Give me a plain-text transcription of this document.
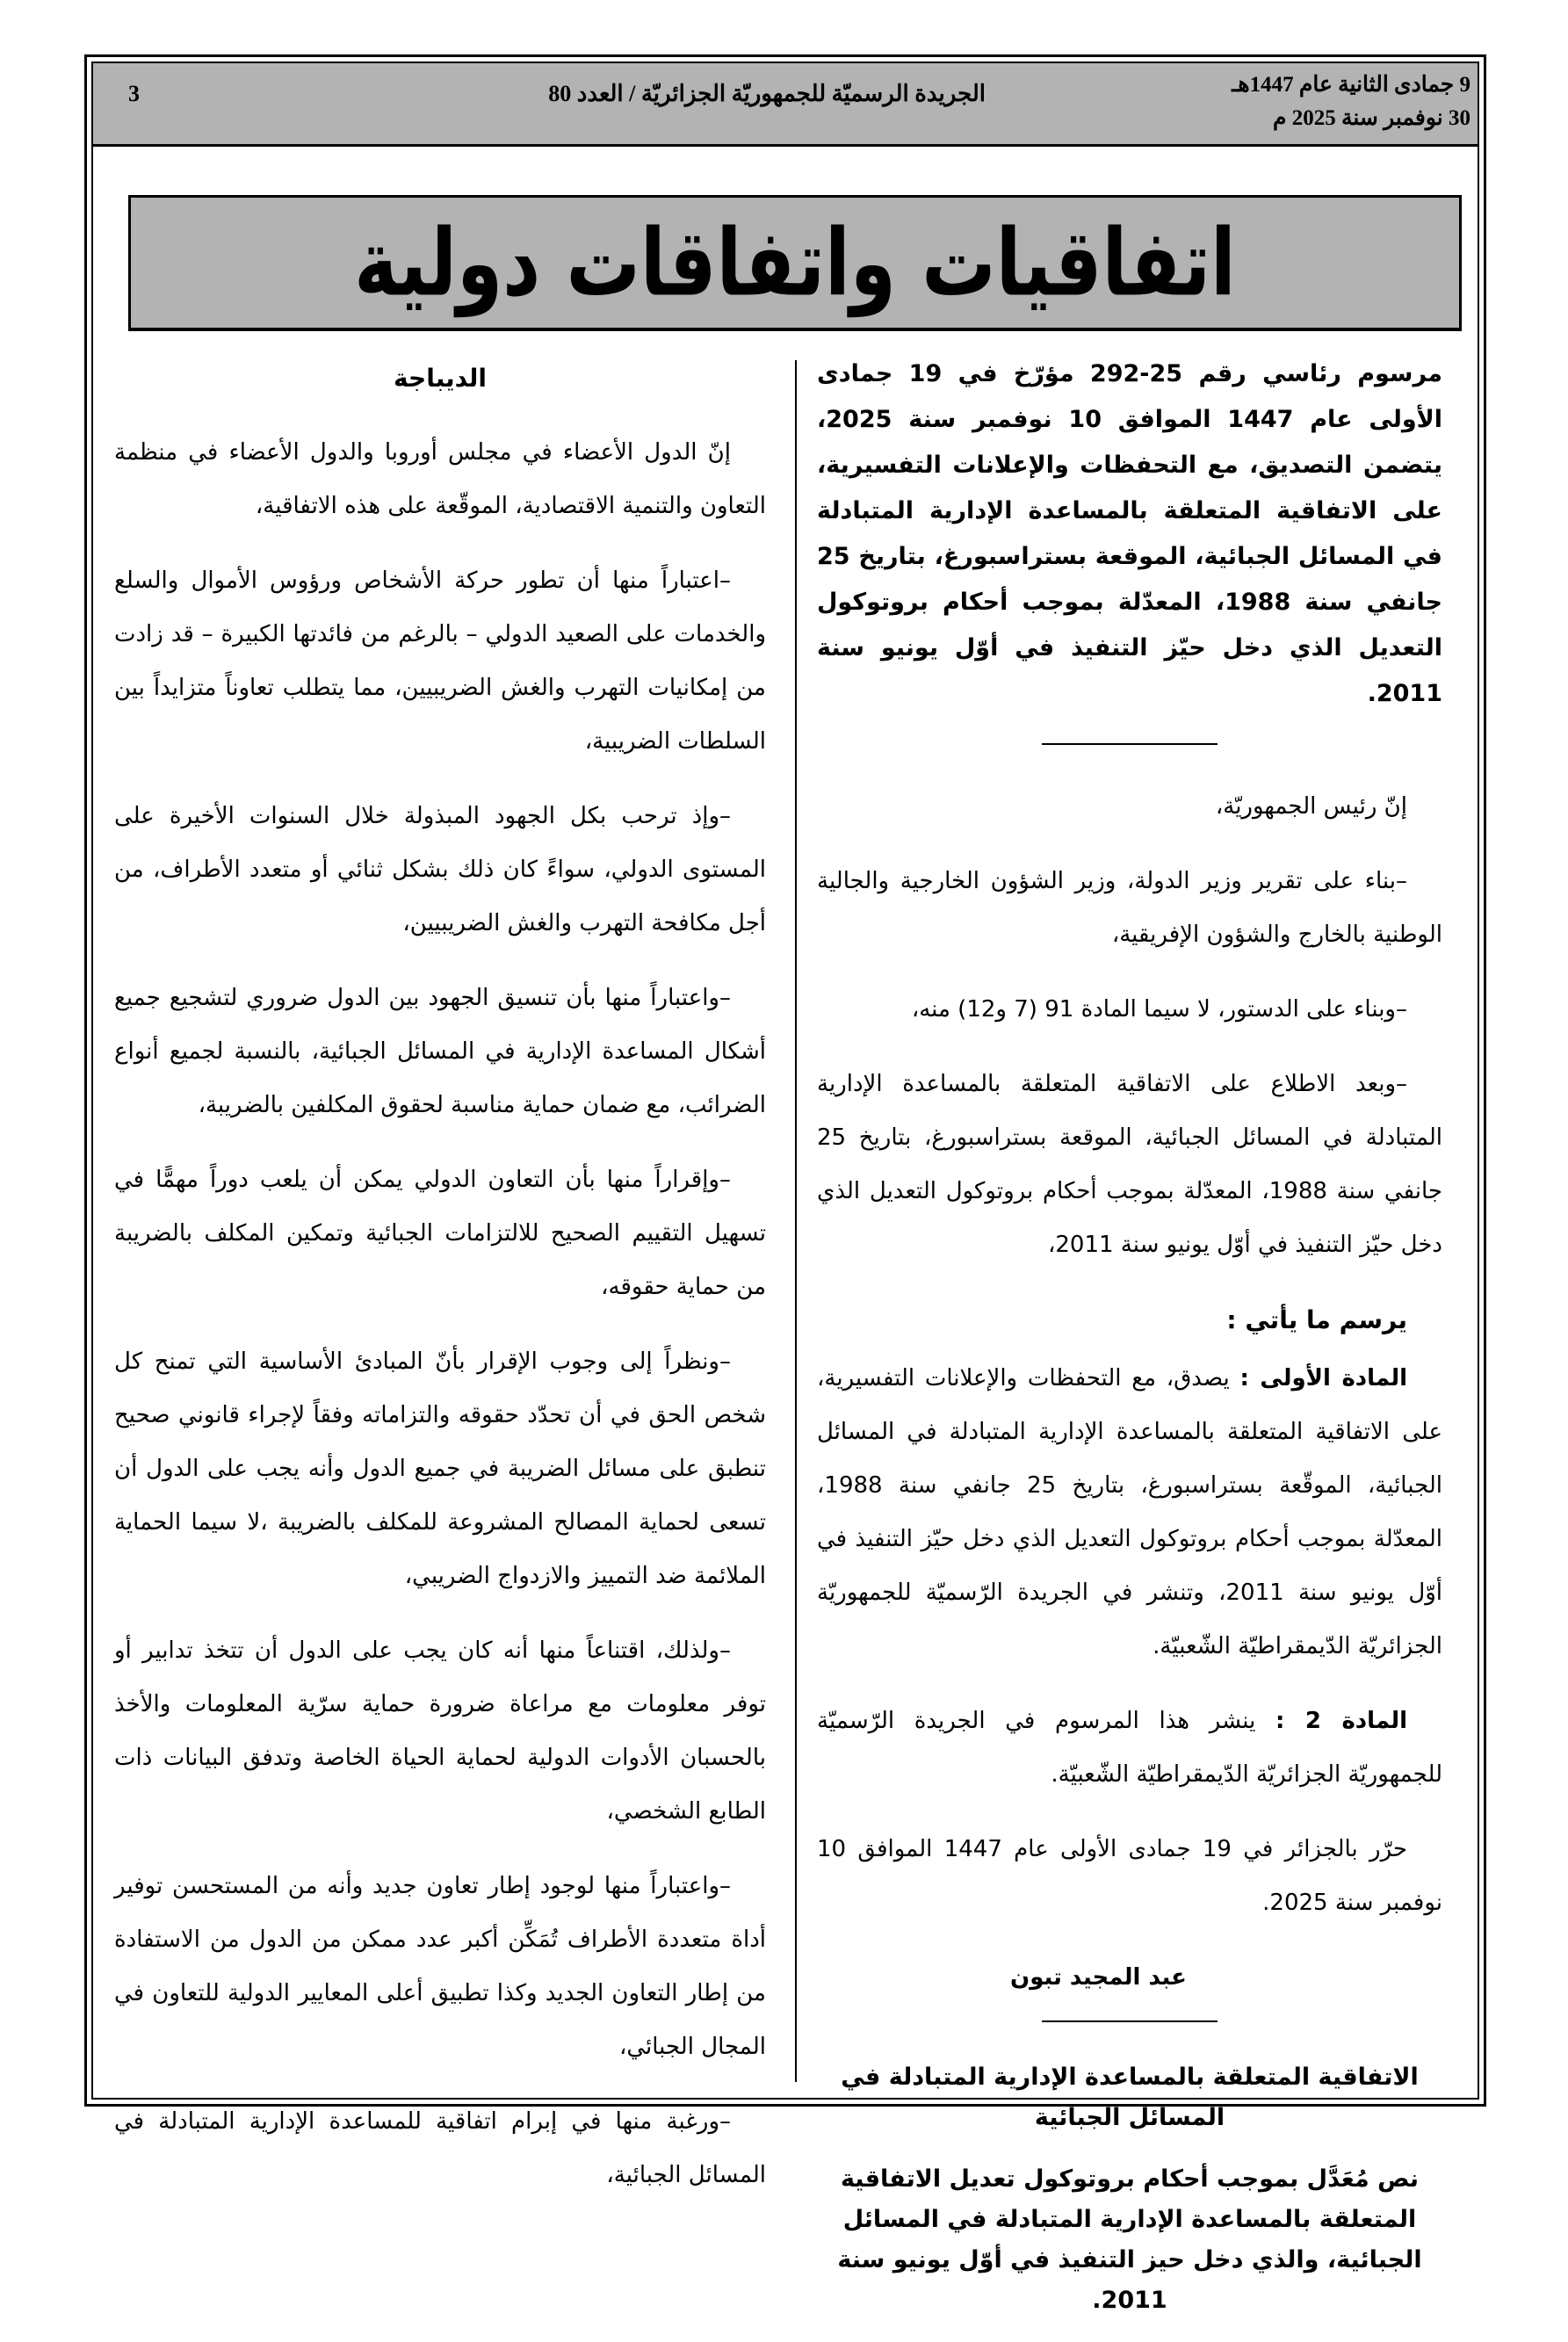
9 جمادى الثانية عام 1447هـ
30 نوفمبر سنة 2025 م
الجريدة الرسميّة للجمهوريّة الجزائريّة / العدد 80
3
اتفاقيات واتفاقات دولية

الديباجة

إنّ الدول الأعضاء في مجلس أوروبا والدول الأعضاء في منظمة التعاون والتنمية الاقتصادية، الموقّعة على هذه الاتفاقية،

–اعتباراً منها أن تطور حركة الأشخاص ورؤوس الأموال والسلع والخدمات على الصعيد الدولي – بالرغم من فائدتها الكبيرة – قد زادت من إمكانيات التهرب والغش الضريبيين، مما يتطلب تعاوناً متزايداً بين السلطات الضريبية،

–وإذ ترحب بكل الجهود المبذولة خلال السنوات الأخيرة على المستوى الدولي، سواءً كان ذلك بشكل ثنائي أو متعدد الأطراف، من أجل مكافحة التهرب والغش الضريبيين،

–واعتباراً منها بأن تنسيق الجهود بين الدول ضروري لتشجيع جميع أشكال المساعدة الإدارية في المسائل الجبائية، بالنسبة لجميع أنواع الضرائب، مع ضمان حماية مناسبة لحقوق المكلفين بالضريبة،

–وإقراراً منها بأن التعاون الدولي يمكن أن يلعب دوراً مهمًّا في تسهيل التقييم الصحيح للالتزامات الجبائية وتمكين المكلف بالضريبة من حماية حقوقه،

–ونظراً إلى وجوب الإقرار بأنّ المبادئ الأساسية التي تمنح كل شخص الحق في أن تحدّد حقوقه والتزاماته وفقاً لإجراء قانوني صحيح تنطبق على مسائل الضريبة في جميع الدول وأنه يجب على الدول أن تسعى لحماية المصالح المشروعة للمكلف بالضريبة ،لا سيما الحماية الملائمة ضد التمييز والازدواج الضريبي،

–ولذلك، اقتناعاً منها أنه كان يجب على الدول أن تتخذ تدابير أو توفر معلومات مع مراعاة ضرورة حماية سرّية المعلومات والأخذ بالحسبان الأدوات الدولية لحماية الحياة الخاصة وتدفق البيانات ذات الطابع الشخصي،

–واعتباراً منها لوجود إطار تعاون جديد وأنه من المستحسن توفير أداة متعددة الأطراف تُمَكِّن أكبر عدد ممكن من الدول من الاستفادة من إطار التعاون الجديد وكذا تطبيق أعلى المعايير الدولية للتعاون في المجال الجبائي،

–ورغبة منها في إبرام اتفاقية للمساعدة الإدارية المتبادلة في المسائل الجبائية،

مرسوم رئاسي رقم 25-292 مؤرّخ في 19 جمادى الأولى عام 1447 الموافق 10 نوفمبر سنة 2025، يتضمن التصديق، مع التحفظات والإعلانات التفسيرية، على الاتفاقية المتعلقة بالمساعدة الإدارية المتبادلة في المسائل الجبائية، الموقعة بستراسبورغ، بتاريخ 25 جانفي سنة 1988، المعدّلة بموجب أحكام بروتوكول التعديل الذي دخل حيّز التنفيذ في أوّل يونيو سنة 2011.

إنّ رئيس الجمهوريّة،

–بناء على تقرير وزير الدولة، وزير الشؤون الخارجية والجالية الوطنية بالخارج والشؤون الإفريقية،

–وبناء على الدستور، لا سيما المادة 91 (7 و12) منه،

–وبعد الاطلاع على الاتفاقية المتعلقة بالمساعدة الإدارية المتبادلة في المسائل الجبائية، الموقعة بستراسبورغ، بتاريخ 25 جانفي سنة 1988، المعدّلة بموجب أحكام بروتوكول التعديل الذي دخل حيّز التنفيذ في أوّل يونيو سنة 2011،

يرسم ما يأتي :

المادة الأولى : يصدق، مع التحفظات والإعلانات التفسيرية، على الاتفاقية المتعلقة بالمساعدة الإدارية المتبادلة في المسائل الجبائية، الموقّعة بستراسبورغ، بتاريخ 25 جانفي سنة 1988، المعدّلة بموجب أحكام بروتوكول التعديل الذي دخل حيّز التنفيذ في أوّل يونيو سنة 2011، وتنشر في الجريدة الرّسميّة للجمهوريّة الجزائريّة الدّيمقراطيّة الشّعبيّة.

المادة 2 : ينشر هذا المرسوم في الجريدة الرّسميّة للجمهوريّة الجزائريّة الدّيمقراطيّة الشّعبيّة.

حرّر بالجزائر في 19 جمادى الأولى عام 1447 الموافق 10 نوفمبر سنة 2025.

عبد المجيد تبون

الاتفاقية المتعلقة بالمساعدة الإدارية المتبادلة في المسائل الجبائية

نص مُعَدَّل بموجب أحكام بروتوكول تعديل الاتفاقية المتعلقة بالمساعدة الإدارية المتبادلة في المسائل الجبائية، والذي دخل حيز التنفيذ في أوّل يونيو سنة 2011.
